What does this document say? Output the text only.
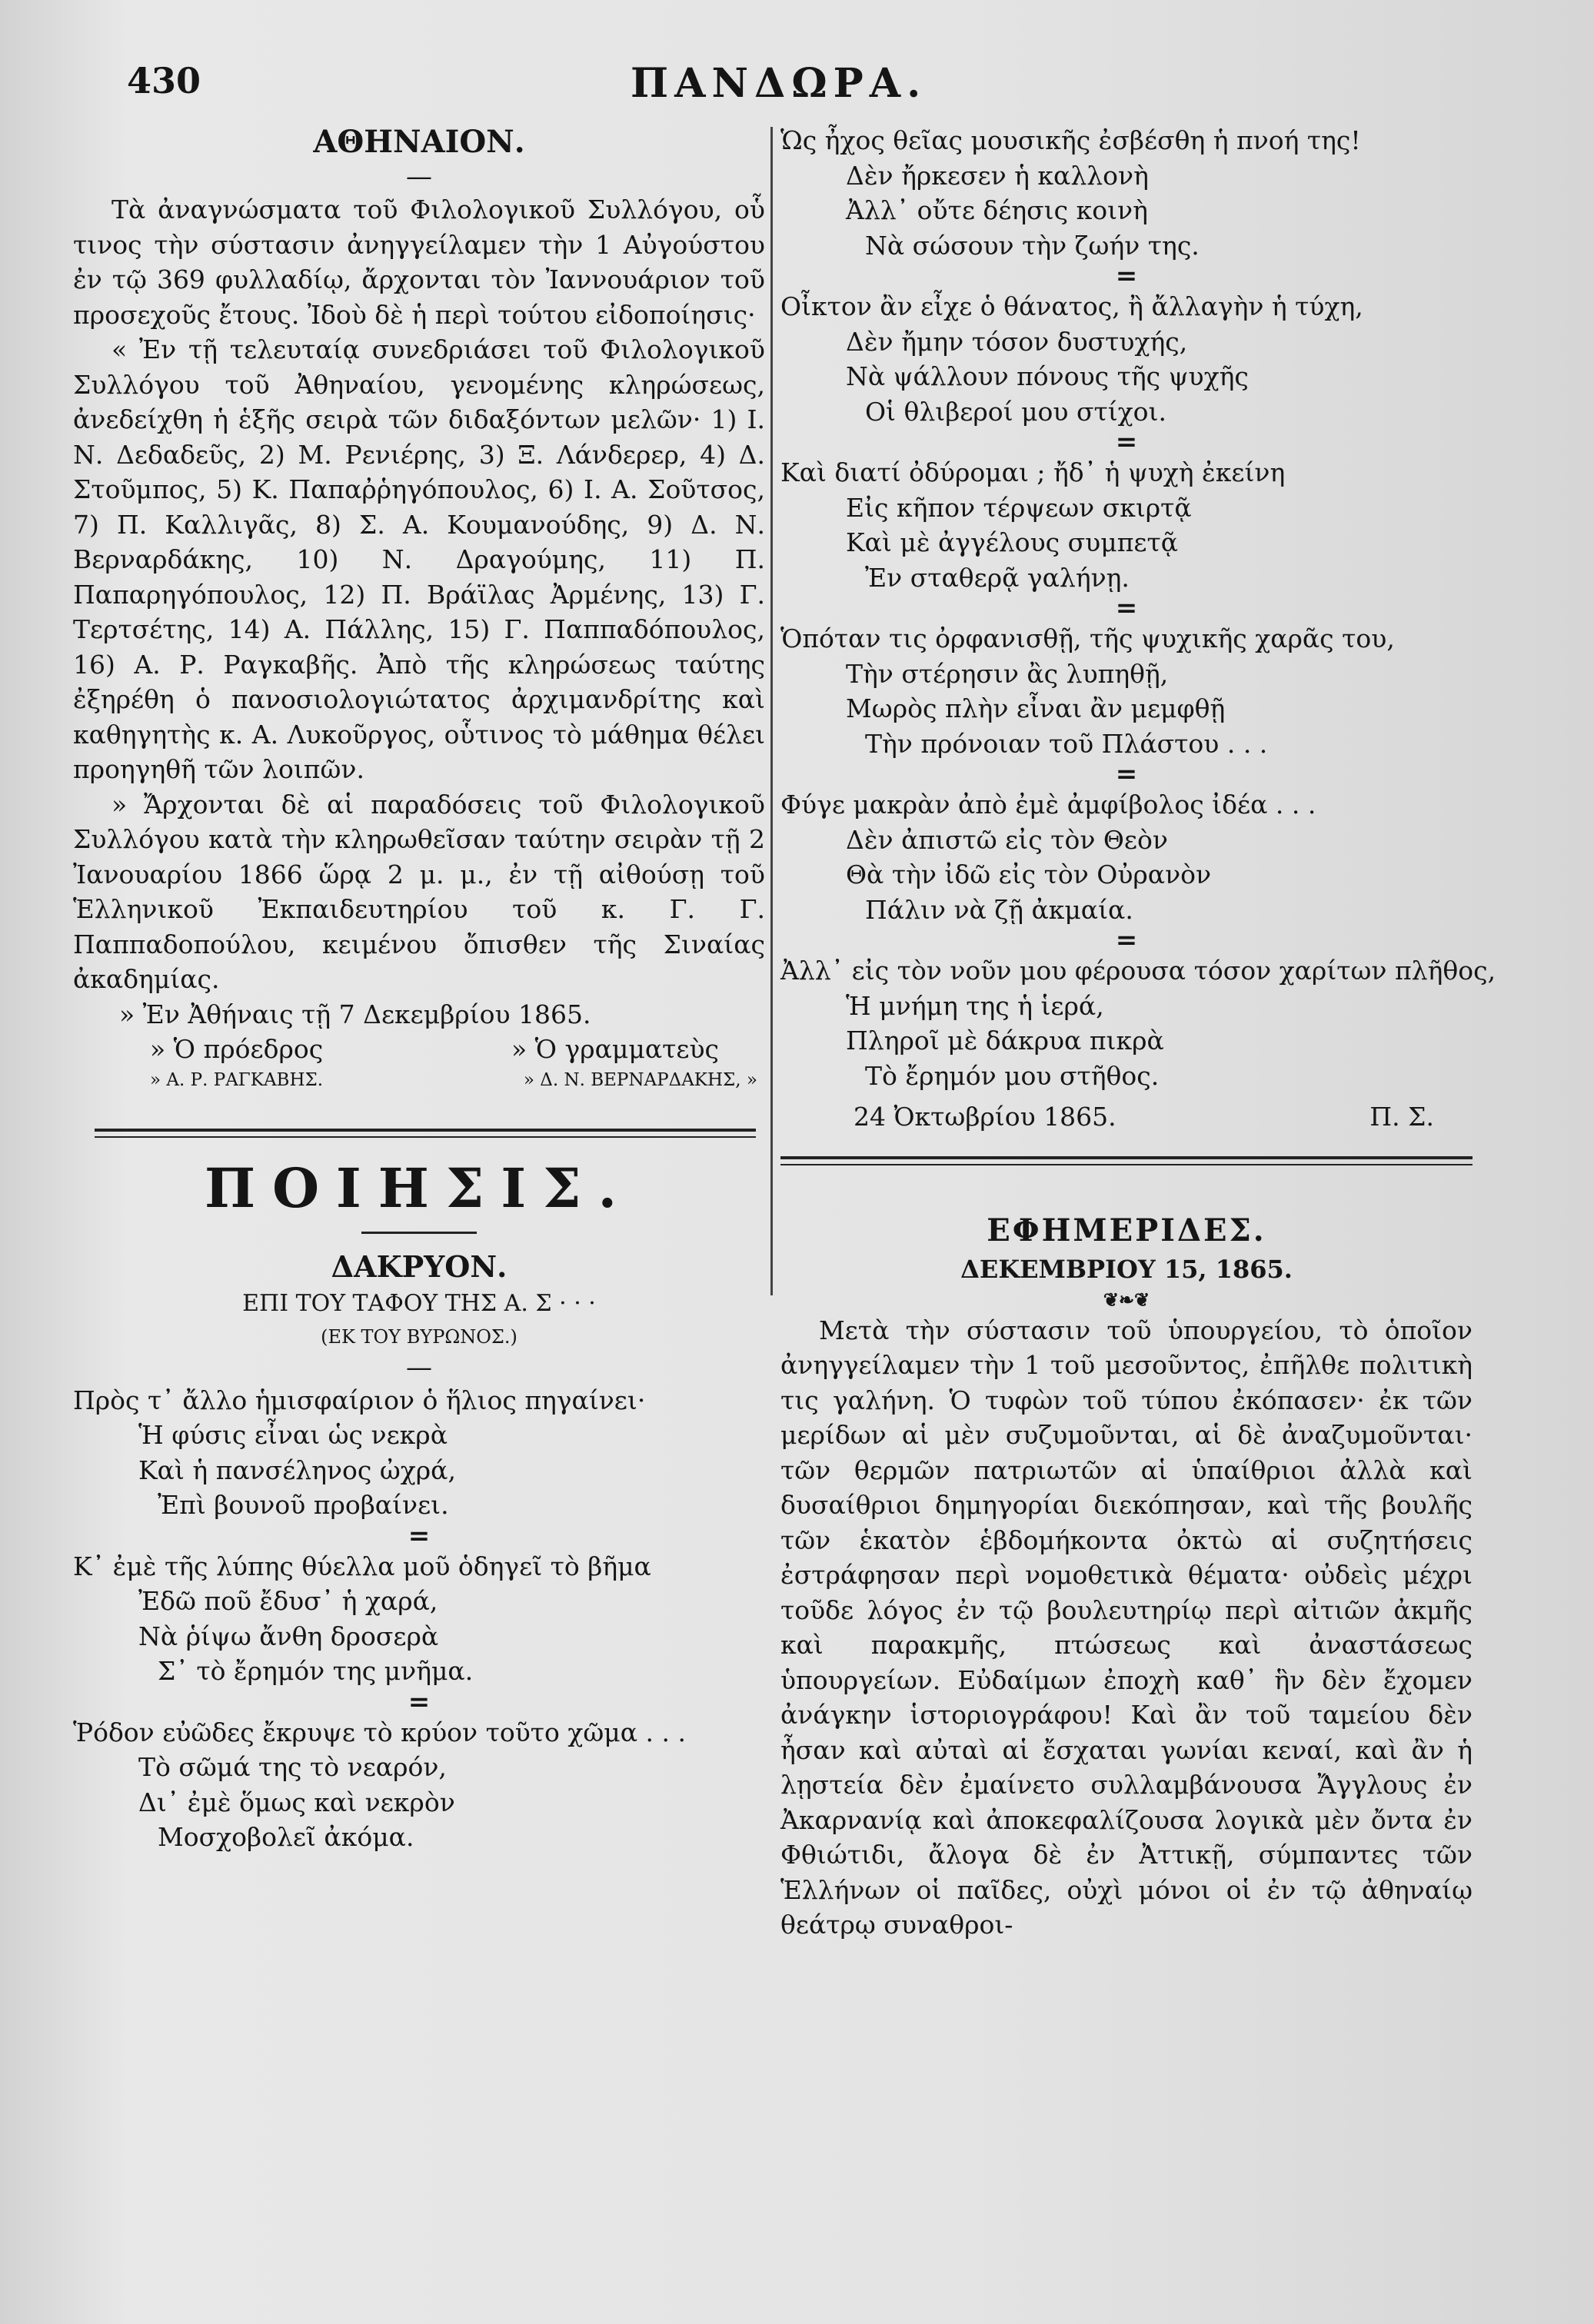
430	ΠΑΝΔΩΡΑ.
ΑΘΗΝΑΙΟΝ.
—

Τὰ ἀναγνώσματα τοῦ Φιλολογικοῦ Συλλόγου, οὗ τινος τὴν σύστασιν ἀνηγγείλαμεν τὴν 1 Αὐγούστου ἐν τῷ 369 φυλλαδίῳ, ἄρχονται τὸν Ἰαννουάριον τοῦ προσεχοῦς ἔτους. Ἰδοὺ δὲ ἡ περὶ τούτου εἰδοποίησις·

« Ἐν τῇ τελευταίᾳ συνεδριάσει τοῦ Φιλολογικοῦ Συλλόγου τοῦ Ἀθηναίου, γενομένης κληρώσεως, ἀνεδείχθη ἡ ἑξῆς σειρὰ τῶν διδαξόντων μελῶν· 1) Ι. Ν. Δεδαδεῦς, 2) Μ. Ρενιέρης, 3) Ξ. Λάνδερερ, 4) Δ. Στοῦμπος, 5) Κ. Παπαῤῥηγόπουλος, 6) Ι. Α. Σοῦτσος, 7) Π. Καλλιγᾶς, 8) Σ. Α. Κουμανούδης, 9) Δ. Ν. Βερναρδάκης, 10) Ν. Δραγούμης, 11) Π. Παπαρηγόπουλος, 12) Π. Βράϊλας Ἀρμένης, 13) Γ. Τερτσέτης, 14) Α. Πάλλης, 15) Γ. Παππαδόπουλος, 16) Α. Ρ. Ραγκαβῆς. Ἀπὸ τῆς κληρώσεως ταύτης ἐξηρέθη ὁ πανοσιολογιώτατος ἀρχιμανδρίτης καὶ καθηγητὴς κ. Α. Λυκοῦργος, οὗτινος τὸ μάθημα θέλει προηγηθῆ τῶν λοιπῶν.

» Ἄρχονται δὲ αἱ παραδόσεις τοῦ Φιλολογικοῦ Συλλόγου κατὰ τὴν κληρωθεῖσαν ταύτην σειρὰν τῇ 2 Ἰανουαρίου 1866 ὥρᾳ 2 μ. μ., ἐν τῇ αἰθούσῃ τοῦ Ἑλληνικοῦ Ἐκπαιδευτηρίου τοῦ κ. Γ. Γ. Παππαδοπούλου, κειμένου ὄπισθεν τῆς Σιναίας ἀκαδημίας.

» Ἐν Ἀθήναις τῇ 7 Δεκεμβρίου 1865.
» Ὁ πρόεδρος	» Ὁ γραμματεὺς
» Α. Ρ. ΡΑΓΚΑΒΗΣ.	» Δ. Ν. ΒΕΡΝΑΡΔΑΚΗΣ, »
ΠΟΙΗΣΙΣ.
ΔΑΚΡΥΟΝ.
ΕΠΙ ΤΟΥ ΤΑΦΟΥ ΤΗΣ Α. Σ · · ·
(ΕΚ ΤΟΥ ΒΥΡΩΝΟΣ.)
—
Πρὸς τ᾿ ἄλλο ἡμισφαίριον ὁ ἥλιος πηγαίνει·
Ἡ φύσις εἶναι ὡς νεκρὰ
Καὶ ἡ πανσέληνος ὠχρά,
Ἐπὶ βουνοῦ προβαίνει.
=
Κ᾿ ἐμὲ τῆς λύπης θύελλα μοῦ ὁδηγεῖ τὸ βῆμα
Ἐδῶ ποῦ ἔδυσ᾿ ἡ χαρά,
Νὰ ῥίψω ἄνθη δροσερὰ
Σ᾿ τὸ ἔρημόν της μνῆμα.
=
Ῥόδον εὐῶδες ἔκρυψε τὸ κρύον τοῦτο χῶμα . . .
Τὸ σῶμά της τὸ νεαρόν,
Δι᾿ ἐμὲ ὅμως καὶ νεκρὸν
Μοσχοβολεῖ ἀκόμα.
Ὡς ἦχος θεῖας μουσικῆς ἐσβέσθη ἡ πνοή της!
Δὲν ἤρκεσεν ἡ καλλονὴ
Ἀλλ᾿ οὔτε δέησις κοινὴ
Νὰ σώσουν τὴν ζωήν της.
=
Οἶκτον ἂν εἶχε ὁ θάνατος, ἢ ἄλλαγὴν ἡ τύχη,
Δὲν ἤμην τόσον δυστυχής,
Νὰ ψάλλουν πόνους τῆς ψυχῆς
Οἱ θλιβεροί μου στίχοι.
=
Καὶ διατί ὀδύρομαι ; ἤδ᾿ ἡ ψυχὴ ἐκείνη
Εἰς κῆπον τέρψεων σκιρτᾷ
Καὶ μὲ ἀγγέλους συμπετᾷ
Ἐν σταθερᾷ γαλήνῃ.
=
Ὁπόταν τις ὀρφανισθῇ, τῆς ψυχικῆς χαρᾶς του,
Τὴν στέρησιν ἂς λυπηθῇ,
Μωρὸς πλὴν εἶναι ἂν μεμφθῇ
Τὴν πρόνοιαν τοῦ Πλάστου . . .
=
Φύγε μακρὰν ἀπὸ ἐμὲ ἀμφίβολος ἰδέα . . .
Δὲν ἀπιστῶ εἰς τὸν Θεὸν
Θὰ τὴν ἰδῶ εἰς τὸν Οὐρανὸν
Πάλιν νὰ ζῇ ἀκμαία.
=
Ἀλλ᾿ εἰς τὸν νοῦν μου φέρουσα τόσον χαρίτων πλῆθος,
Ἡ μνήμη της ἡ ἱερά,
Πληροῖ μὲ δάκρυα πικρὰ
Τὸ ἔρημόν μου στῆθος.
24 Ὀκτωβρίου 1865.	Π. Σ.
ΕΦΗΜΕΡΙΔΕΣ.
ΔΕΚΕΜΒΡΙΟΥ 15, 1865.
❦❧❦

Μετὰ τὴν σύστασιν τοῦ ὑπουργείου, τὸ ὁποῖον ἀνηγγείλαμεν τὴν 1 τοῦ μεσοῦντος, ἐπῆλθε πολιτικὴ τις γαλήνη. Ὁ τυφὼν τοῦ τύπου ἐκόπασεν· ἐκ τῶν μερίδων αἱ μὲν συζυμοῦνται, αἱ δὲ ἀναζυμοῦνται· τῶν θερμῶν πατριωτῶν αἱ ὑπαίθριοι ἀλλὰ καὶ δυσαίθριοι δημηγορίαι διεκόπησαν, καὶ τῆς βουλῆς τῶν ἑκατὸν ἑβδομήκοντα ὀκτὼ αἱ συζητήσεις ἐστράφησαν περὶ νομοθετικὰ θέματα· οὐδεὶς μέχρι τοῦδε λόγος ἐν τῷ βουλευτηρίῳ περὶ αἰτιῶν ἀκμῆς καὶ παρακμῆς, πτώσεως καὶ ἀναστάσεως ὑπουργείων. Εὐδαίμων ἐποχὴ καθ᾿ ἣν δὲν ἔχομεν ἀνάγκην ἱστοριογράφου! Καὶ ἂν τοῦ ταμείου δὲν ἦσαν καὶ αὐταὶ αἱ ἔσχαται γωνίαι κεναί, καὶ ἂν ἡ λῃστεία δὲν ἐμαίνετο συλλαμβάνουσα Ἄγγλους ἐν Ἀκαρνανίᾳ καὶ ἀποκεφαλίζουσα λογικὰ μὲν ὄντα ἐν Φθιώτιδι, ἄλογα δὲ ἐν Ἀττικῇ, σύμπαντες τῶν Ἑλλήνων οἱ παῖδες, οὐχὶ μόνοι οἱ ἐν τῷ ἀθηναίῳ θεάτρῳ συναθροι-
